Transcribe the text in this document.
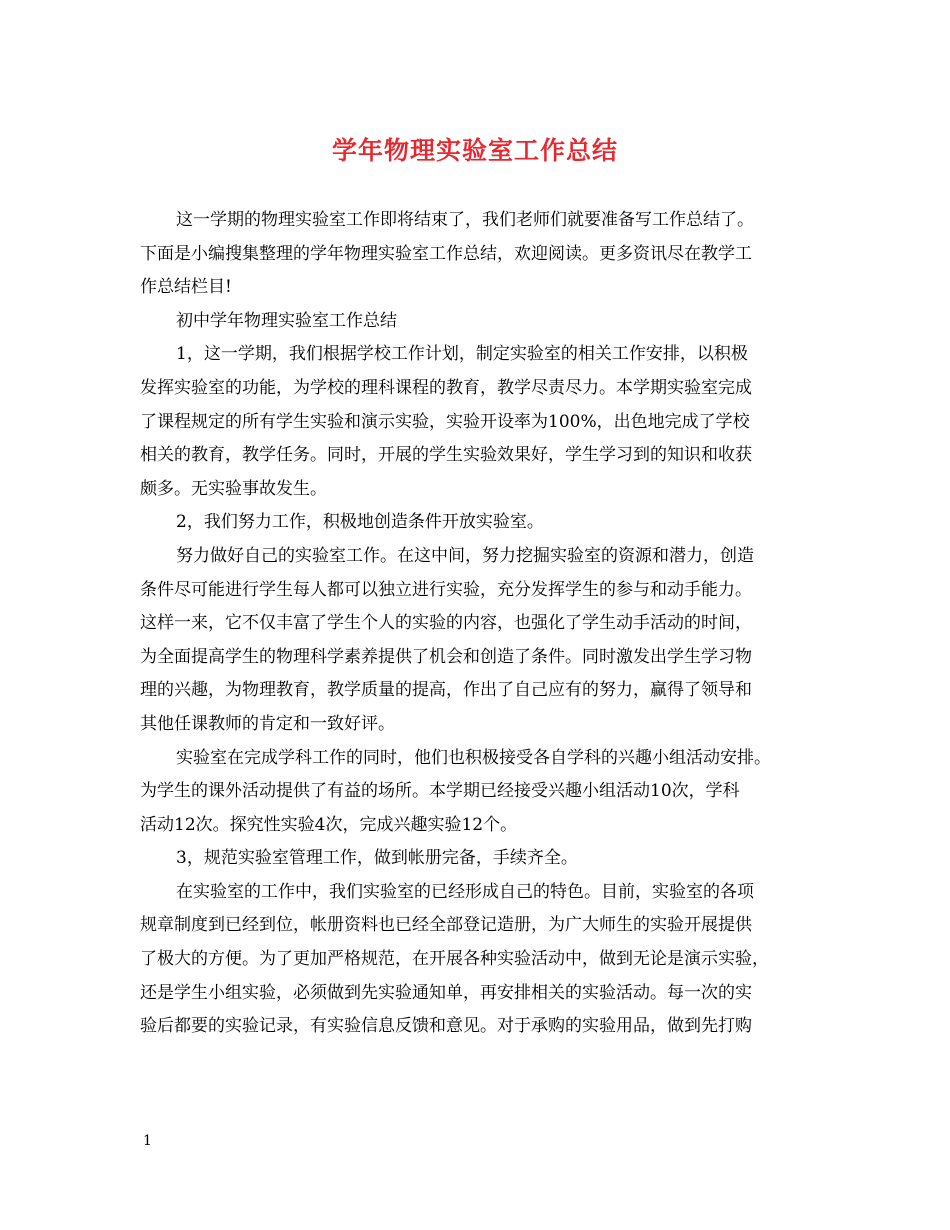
学年物理实验室工作总结
这一学期的物理实验室工作即将结束了，我们老师们就要准备写工作总结了。
下面是小编搜集整理的学年物理实验室工作总结，欢迎阅读。更多资讯尽在教学工
作总结栏目!
初中学年物理实验室工作总结
1，这一学期，我们根据学校工作计划，制定实验室的相关工作安排，以积极
发挥实验室的功能，为学校的理科课程的教育，教学尽责尽力。本学期实验室完成
了课程规定的所有学生实验和演示实验，实验开设率为100%，出色地完成了学校
相关的教育，教学任务。同时，开展的学生实验效果好，学生学习到的知识和收获
颇多。无实验事故发生。
2，我们努力工作，积极地创造条件开放实验室。
努力做好自己的实验室工作。在这中间，努力挖掘实验室的资源和潜力，创造
条件尽可能进行学生每人都可以独立进行实验，充分发挥学生的参与和动手能力。
这样一来，它不仅丰富了学生个人的实验的内容，也强化了学生动手活动的时间，
为全面提高学生的物理科学素养提供了机会和创造了条件。同时激发出学生学习物
理的兴趣，为物理教育，教学质量的提高，作出了自己应有的努力，赢得了领导和
其他任课教师的肯定和一致好评。
实验室在完成学科工作的同时，他们也积极接受各自学科的兴趣小组活动安排。
为学生的课外活动提供了有益的场所。本学期已经接受兴趣小组活动10次，学科
活动12次。探究性实验4次，完成兴趣实验12个。
3，规范实验室管理工作，做到帐册完备，手续齐全。
在实验室的工作中，我们实验室的已经形成自己的特色。目前，实验室的各项
规章制度到已经到位，帐册资料也已经全部登记造册，为广大师生的实验开展提供
了极大的方便。为了更加严格规范，在开展各种实验活动中，做到无论是演示实验，
还是学生小组实验，必须做到先实验通知单，再安排相关的实验活动。每一次的实
验后都要的实验记录，有实验信息反馈和意见。对于承购的实验用品，做到先打购
1
